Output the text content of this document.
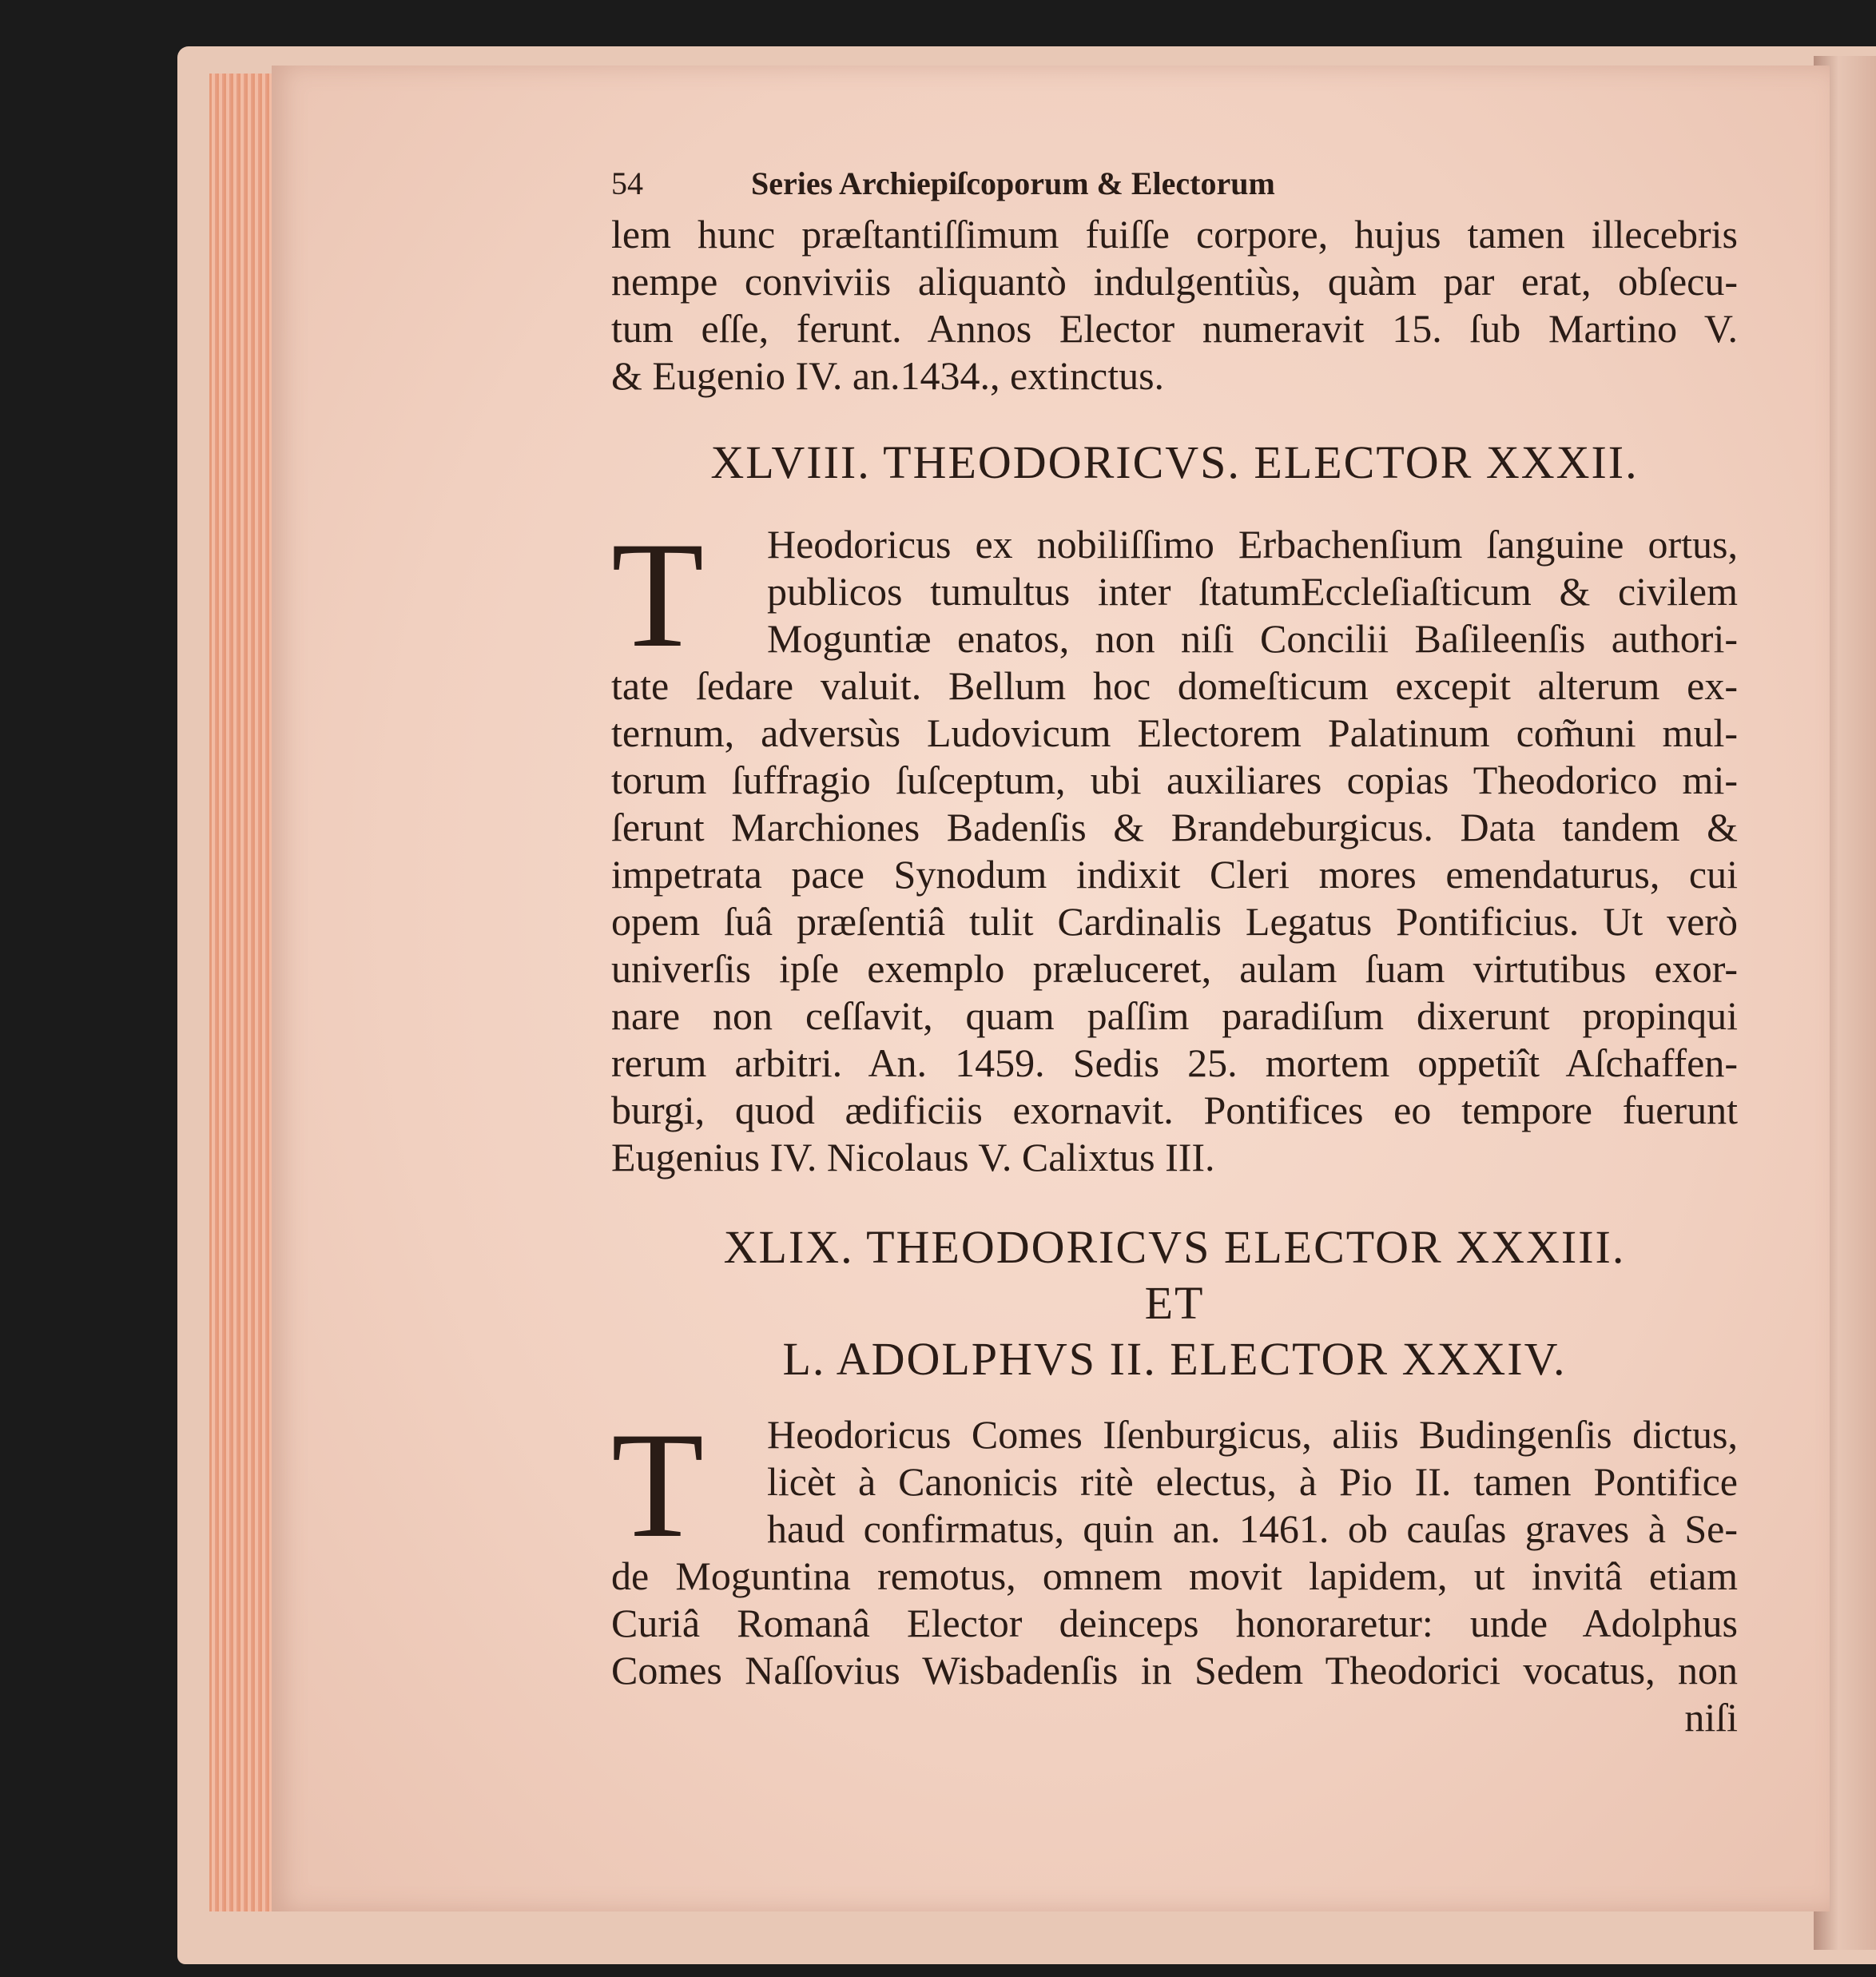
54	Series Archiepiſcoporum & Electorum
lem hunc præſtantiſſimum fuiſſe corpore, hujus tamen illecebris
nempe conviviis aliquantò indulgentiùs, quàm par erat, obſecu-
tum eſſe, ferunt. Annos Elector numeravit 15. ſub Martino V.
& Eugenio IV. an.1434., extinctus.
XLVIII. THEODORICVS. ELECTOR XXXII.
T	Heodoricus ex nobiliſſimo Erbachenſium ſanguine ortus,
publicos tumultus inter ſtatumEccleſiaſticum & civilem
Moguntiæ enatos, non niſi Concilii Baſileenſis authori-
tate ſedare valuit. Bellum hoc domeſticum excepit alterum ex-
ternum, adversùs Ludovicum Electorem Palatinum com̃uni mul-
torum ſuffragio ſuſceptum, ubi auxiliares copias Theodorico mi-
ſerunt Marchiones Badenſis & Brandeburgicus. Data tandem &
impetrata pace Synodum indixit Cleri mores emendaturus, cui
opem ſuâ præſentiâ tulit Cardinalis Legatus Pontificius. Ut verò
univerſis ipſe exemplo præluceret, aulam ſuam virtutibus exor-
nare non ceſſavit, quam paſſim paradiſum dixerunt propinqui
rerum arbitri. An. 1459. Sedis 25. mortem oppetiît Aſchaffen-
burgi, quod ædificiis exornavit. Pontifices eo tempore fuerunt
Eugenius IV. Nicolaus V. Calixtus III.
XLIX. THEODORICVS ELECTOR XXXIII.
ET
L. ADOLPHVS II. ELECTOR XXXIV.
T	Heodoricus Comes Iſenburgicus, aliis Budingenſis dictus,
licèt à Canonicis ritè electus, à Pio II. tamen Pontifice
haud confirmatus, quin an. 1461. ob cauſas graves à Se-
de Moguntina remotus, omnem movit lapidem, ut invitâ etiam
Curiâ Romanâ Elector deinceps honoraretur: unde Adolphus
Comes Naſſovius Wisbadenſis in Sedem Theodorici vocatus, non
niſi
